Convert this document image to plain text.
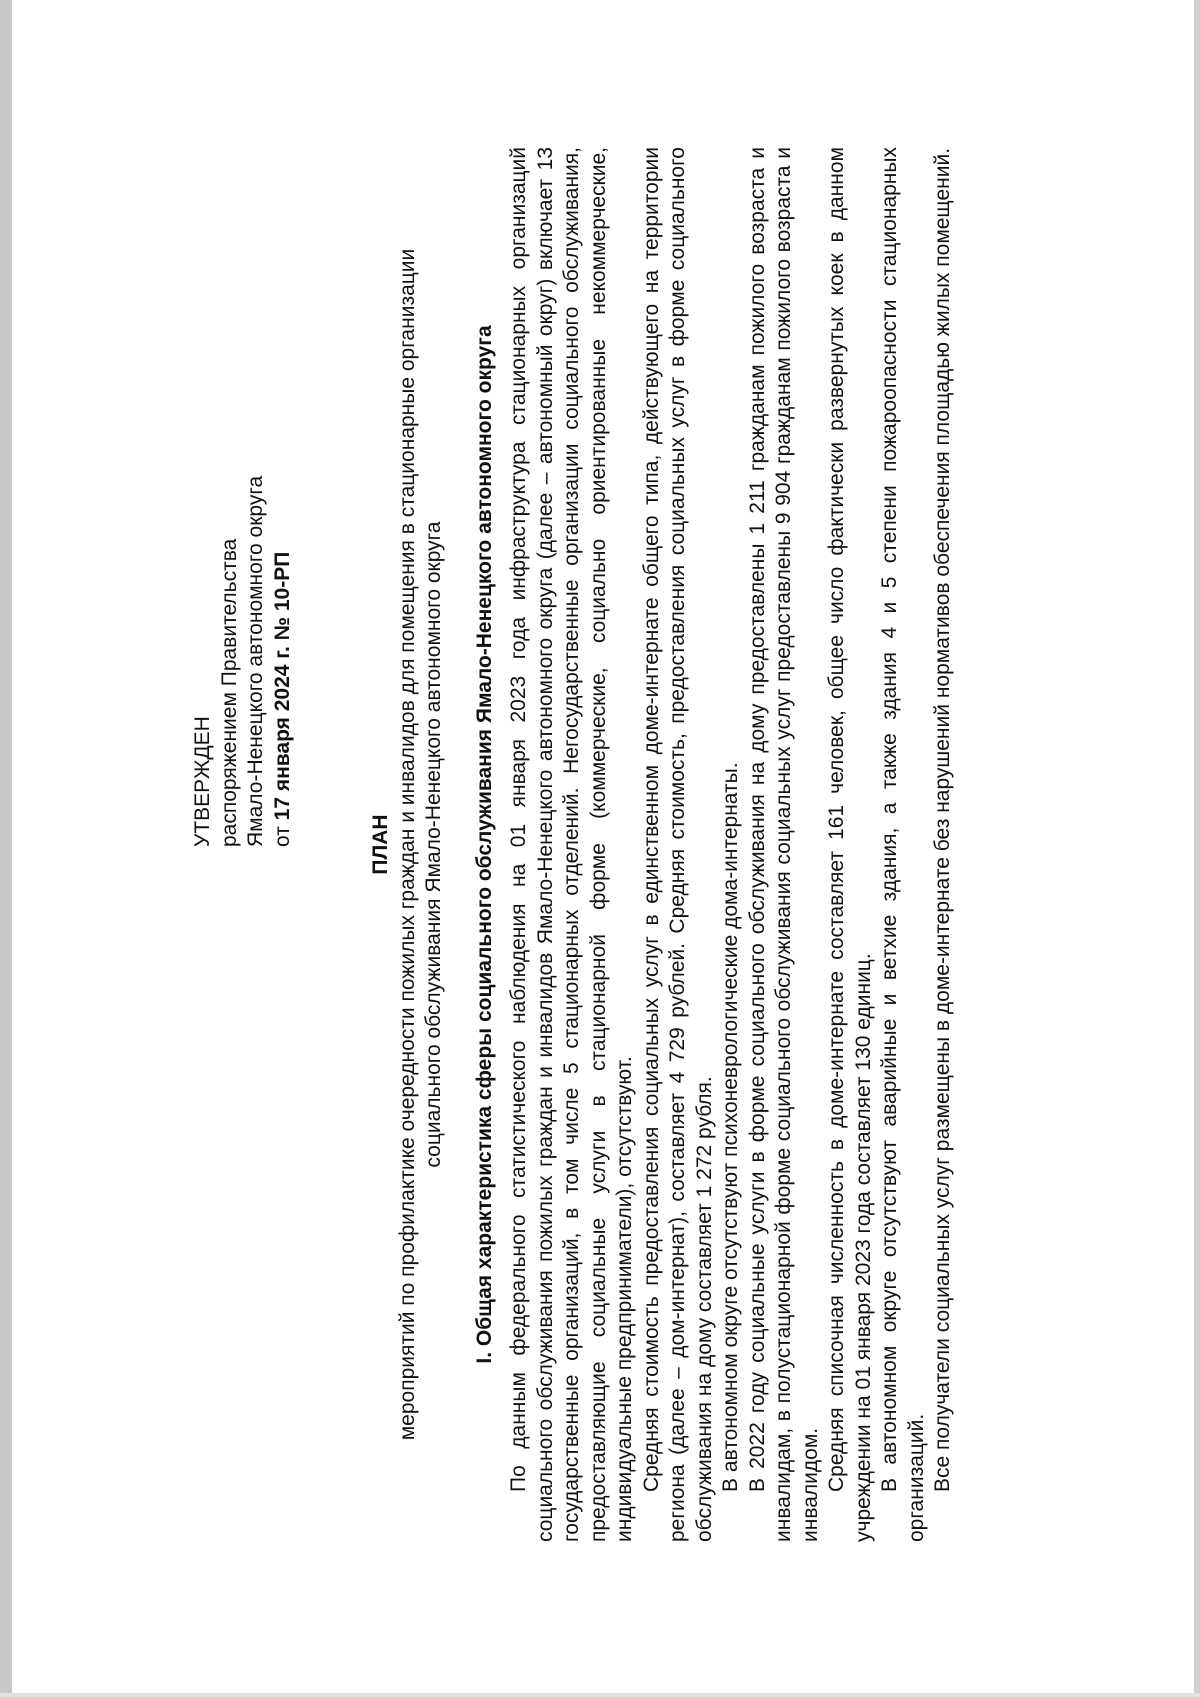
УТВЕРЖДЕН распоряжением Правительства Ямало-Ненецкого автономного округа от 17 января 2024 г. № 10-РП

ПЛАН мероприятий по профилактике очередности пожилых граждан и инвалидов для помещения в стационарные организации социального обслуживания Ямало-Ненецкого автономного округа I. Общая характеристика сферы социального обслуживания Ямало-Ненецкого автономного округа По данным федерального статистического наблюдения на 01 января 2023 года инфраструктура стационарных организаций социального обслуживания пожилых граждан и инвалидов Ямало-Ненецкого автономного округа (далее – автономный округ) включает 13 государственные организаций, в том числе 5 стационарных отделений. Негосударственные организации социального обслуживания, предоставляющие социальные услуги в стационарной форме (коммерческие, социально ориентированные некоммерческие, индивидуальные предприниматели), отсутствуют. Средняя стоимость предоставления социальных услуг в единственном доме-интернате общего типа, действующего на территории региона (далее – дом-интернат), составляет 4 729 рублей. Средняя стоимость, предоставления социальных услуг в форме социального обслуживания на дому составляет 1 272 рубля. В автономном округе отсутствуют психоневрологические дома-интернаты. В 2022 году социальные услуги в форме социального обслуживания на дому предоставлены 1 211 гражданам пожилого возраста и инвалидам, в полустационарной форме социального обслуживания социальных услуг предоставлены 9 904 гражданам пожилого возраста и инвалидом. Средняя списочная численность в доме-интернате составляет 161 человек, общее число фактически развернутых коек в данном учреждении на 01 января 2023 года составляет 130 единиц. В автономном округе отсутствуют аварийные и ветхие здания, а также здания 4 и 5 степени пожароопасности стационарных организаций. Все получатели социальных услуг размещены в доме-интернате без нарушений нормативов обеспечения площадью жилых помещений.
